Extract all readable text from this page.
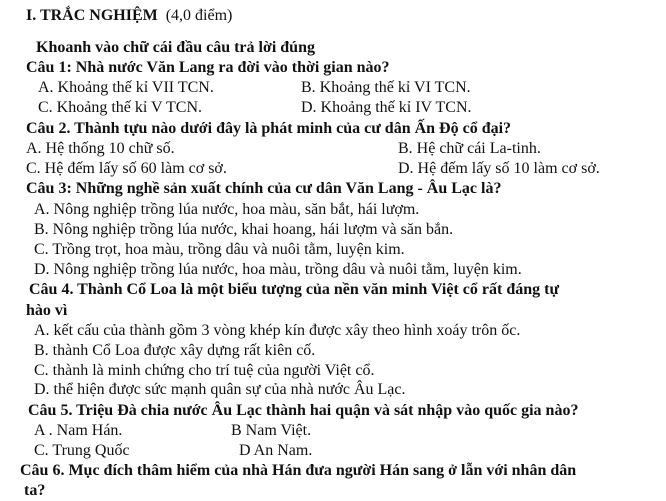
I. TRẮC NGHIỆM (4,0 điểm)
Khoanh vào chữ cái đầu câu trả lời đúng
Câu 1: Nhà nước Văn Lang ra đời vào thời gian nào?
A. Khoảng thế kỉ VII TCN.	B. Khoảng thế kỉ VI TCN.
C. Khoảng thế kỉ V TCN.	D. Khoảng thế kỉ IV TCN.
Câu 2. Thành tựu nào dưới đây là phát minh của cư dân Ấn Độ cổ đại?
A. Hệ thống 10 chữ số.	B. Hệ chữ cái La-tinh.
C. Hệ đếm lấy số 60 làm cơ sở.	D. Hệ đếm lấy số 10 làm cơ sở.
Câu 3: Những nghề sản xuất chính của cư dân Văn Lang - Âu Lạc là?
A. Nông nghiệp trồng lúa nước, hoa màu, săn bắt, hái lượm.
B. Nông nghiệp trồng lúa nước, khai hoang, hái lượm và săn bắn.
C. Trồng trọt, hoa màu, trồng dâu và nuôi tằm, luyện kim.
D. Nông nghiệp trồng lúa nước, hoa màu, trồng dâu và nuôi tằm, luyện kim.
Câu 4. Thành Cổ Loa là một biểu tượng của nền văn minh Việt cổ rất đáng tự
hào vì
A. kết cấu của thành gồm 3 vòng khép kín được xây theo hình xoáy trôn ốc.
B. thành Cổ Loa được xây dựng rất kiên cố.
C. thành là minh chứng cho trí tuệ của người Việt cổ.
D. thể hiện được sức mạnh quân sự của nhà nước Âu Lạc.
Câu 5. Triệu Đà chia nước Âu Lạc thành hai quận và sát nhập vào quốc gia nào?
A . Nam Hán.	B Nam Việt.
C. Trung Quốc	D An Nam.
Câu 6. Mục đích thâm hiểm của nhà Hán đưa người Hán sang ở lẫn với nhân dân
ta?
